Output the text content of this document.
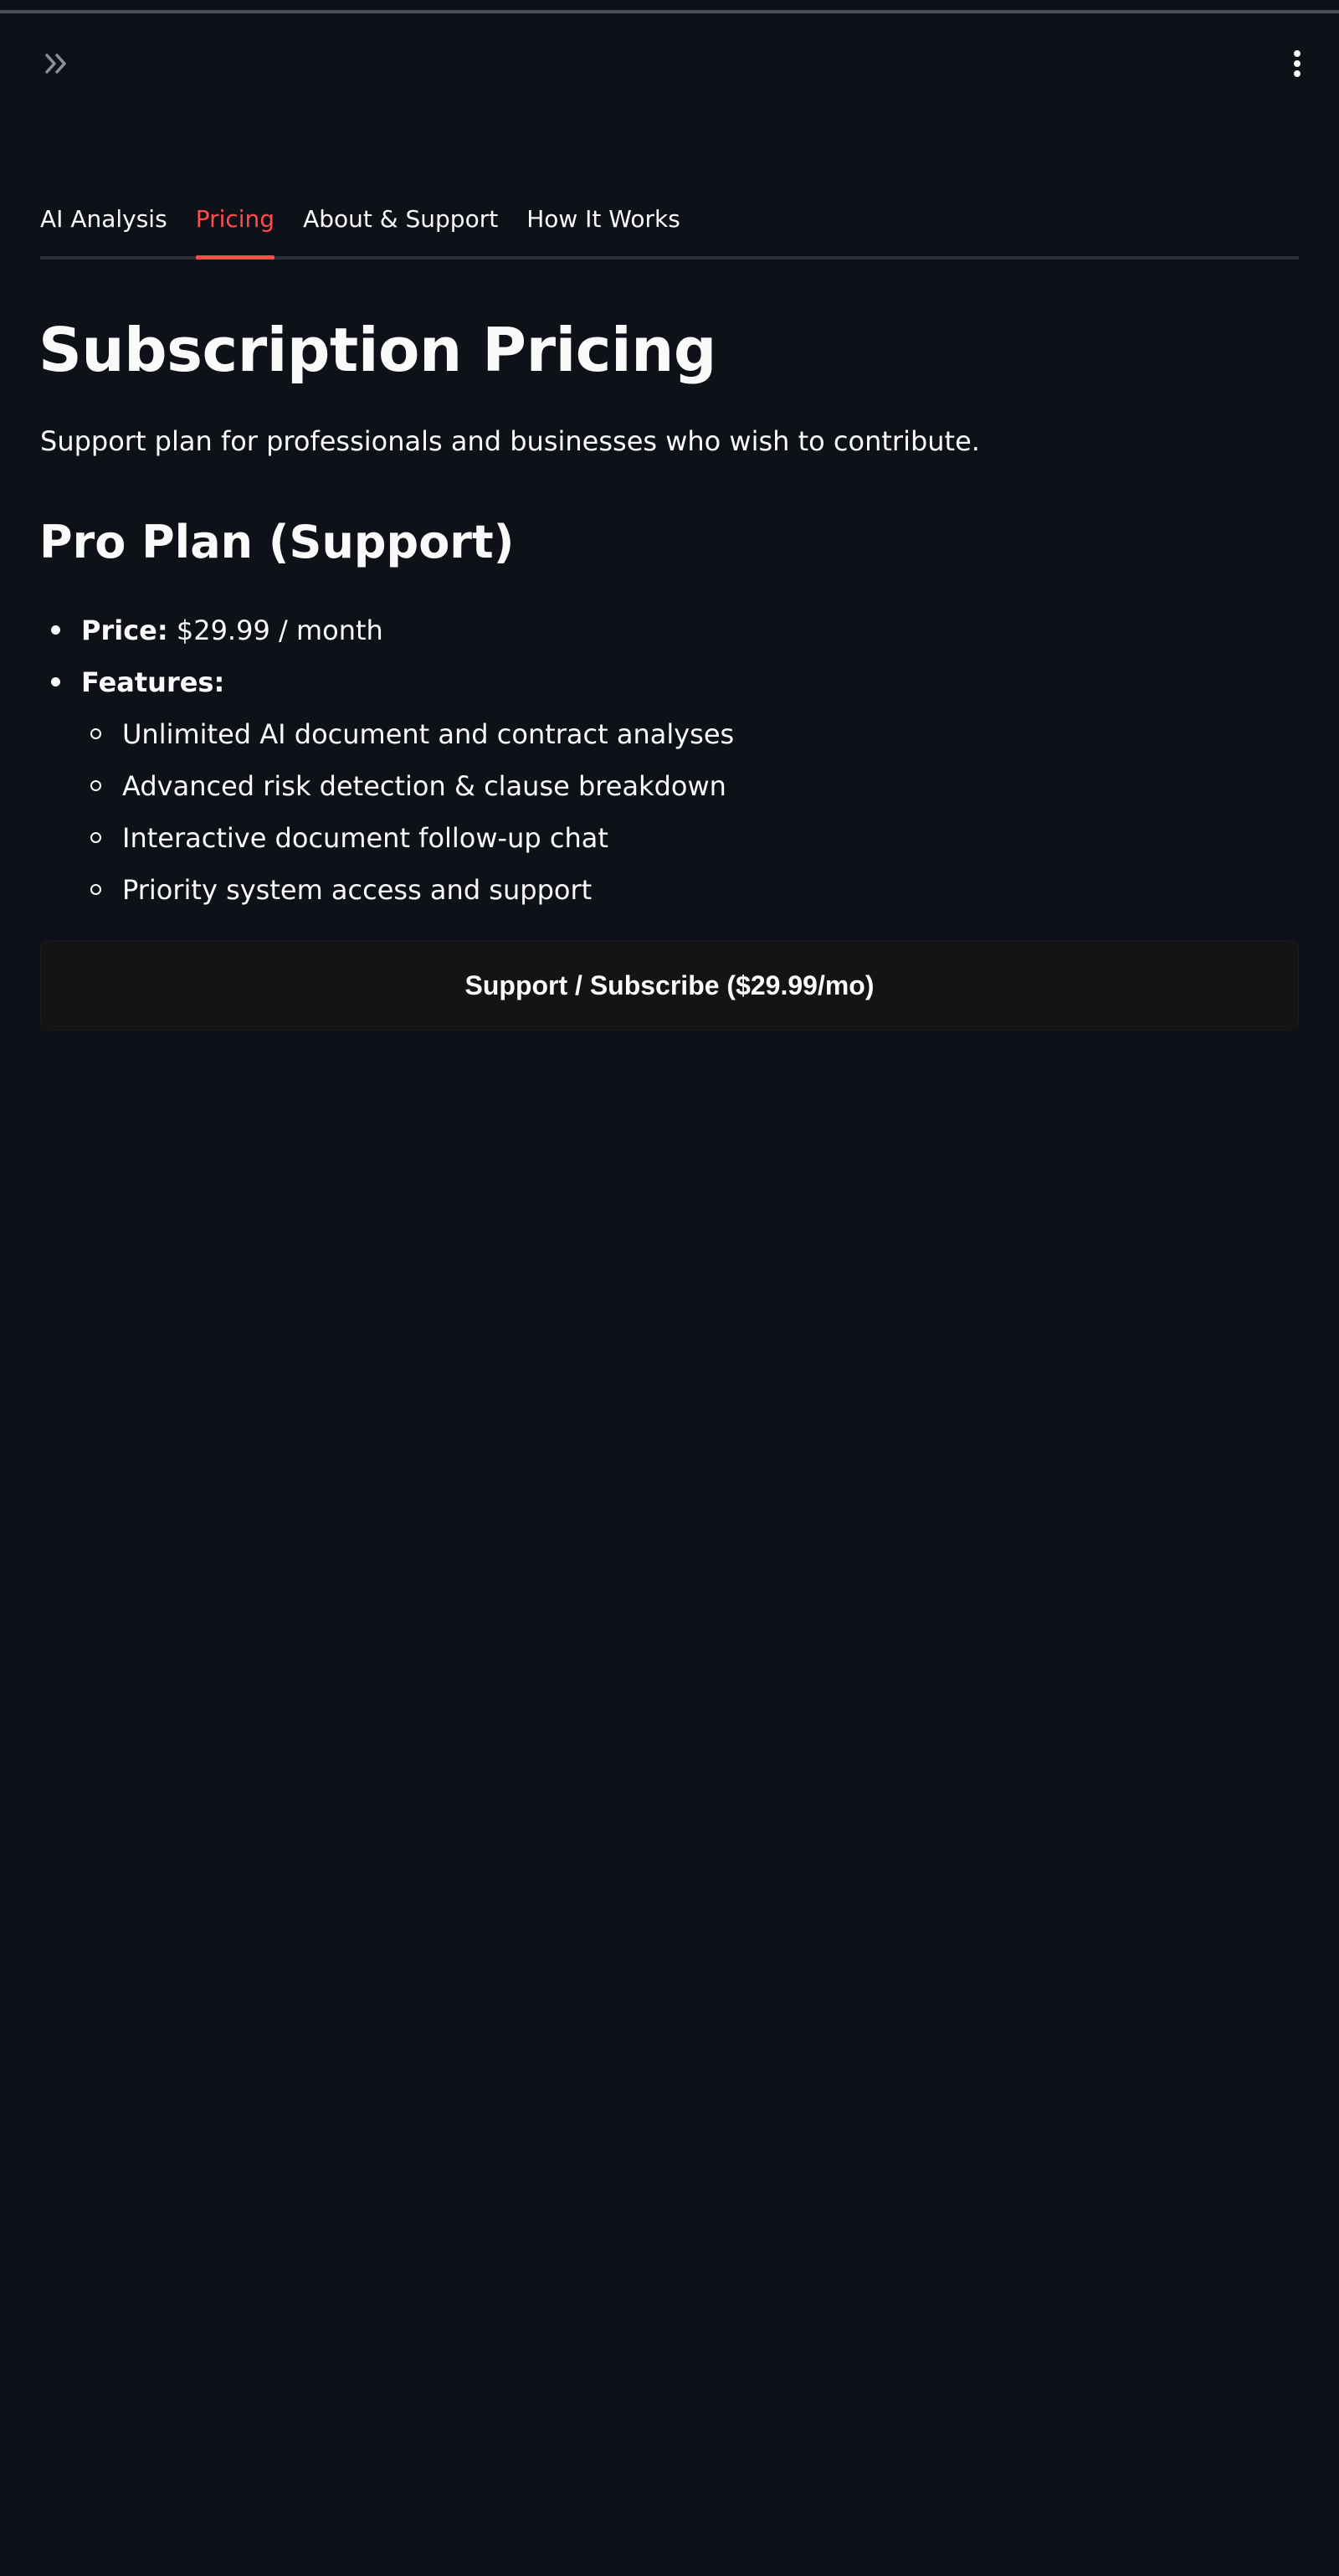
AI Analysis Pricing About & Support How It Works
Subscription Pricing

Support plan for professionals and businesses who wish to contribute.

Pro Plan (Support)
Price: $29.99 / month
Features:
Unlimited AI document and contract analyses
Advanced risk detection & clause breakdown
Interactive document follow-up chat
Priority system access and support
Support / Subscribe ($29.99/mo)
